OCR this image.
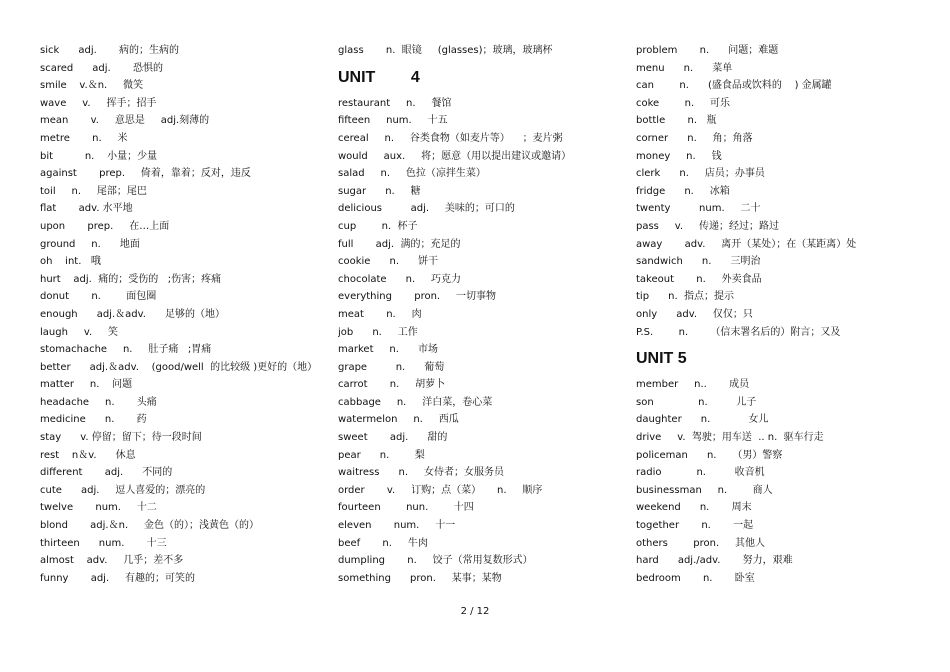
sick      adj.       病的；生病的
scared      adj.       恐惧的
smile    v.＆n.     微笑
wave     v.     挥手；招手
mean       v.     意思是     adj.刻薄的
metre       n.     米
bit          n.    小量；少量
against       prep.     倚着，靠着；反对，违反
toil     n.     尾部；尾巴
flat       adv. 水平地
upon       prep.     在…上面
ground     n.      地面
oh    int.   哦
hurt    adj.  痛的；受伤的   ;伤害；疼痛
donut       n.        面包圈
enough      adj.＆adv.      足够的（地）
laugh     v.     笑
stomachache     n.     肚子痛   ;胃痛
better      adj.＆adv.    (good/well  的比较级 )更好的（地）
matter     n.    问题
headache     n.       头痛
medicine      n.       药
stay      v. 停留；留下；待一段时间
rest    n＆v.      休息
different       adj.      不同的
cute      adj.     逗人喜爱的；漂亮的
twelve       num.     十二
blond       adj.＆n.     金色（的）；浅黄色（的）
thirteen      num.       十三
almost    adv.     几乎；差不多
funny       adj.     有趣的；可笑的
glass       n.  眼镜     (glasses)；玻璃，玻璃杯
UNIT        4
restaurant     n.     餐馆
fifteen     num.     十五
cereal     n.     谷类食物（如麦片等）    ；麦片粥
would     aux.     将；愿意（用以提出建议或邀请）
salad     n.     色拉（凉拌生菜）
sugar      n.     糖
delicious         adj.     美味的；可口的
cup        n.  杯子
full       adj.  满的；充足的
cookie      n.      饼干
chocolate      n.     巧克力
everything       pron.     一切事物
meat       n.     肉
job      n.     工作
market     n.      市场
grape         n.      葡萄
carrot       n.     胡萝卜
cabbage     n.     洋白菜，卷心菜
watermelon     n.     西瓜
sweet       adj.      甜的
pear      n.        梨
waitress      n.     女侍者；女服务员
order       v.     订购；点（菜）     n.     顺序
fourteen        nun.        十四
eleven       num.     十一
beef       n.     牛肉
dumpling       n.     饺子（常用复数形式）
something      pron.     某事；某物
problem       n.      问题；难题
menu      n.      菜单
can        n.      (盛食品或饮料的    ) 金属罐
coke        n.     可乐
bottle       n.   瓶
corner      n.     角；角落
money     n.     钱
clerk      n.     店员；办事员
fridge      n.     冰箱
twenty         num.     二十
pass     v.     传递；经过；路过
away       adv.     离开（某处）；在（某距离）处
sandwich      n.      三明治
takeout       n.     外卖食品
tip      n.  指点；提示
only      adv.     仅仅；只
P.S.        n.       （信末署名后的）附言；又及
UNIT 5
member     n..       成员
son              n.         儿子
daughter      n.            女儿
drive     v.  驾驶；用车送  .. n.  驱车行走
policeman      n.     （男）警察
radio           n.         收音机
businessman     n.        商人
weekend      n.       周末
together       n.       一起
others        pron.     其他人
hard      adj./adv.       努力，艰难
bedroom       n.       卧室
2 / 12
